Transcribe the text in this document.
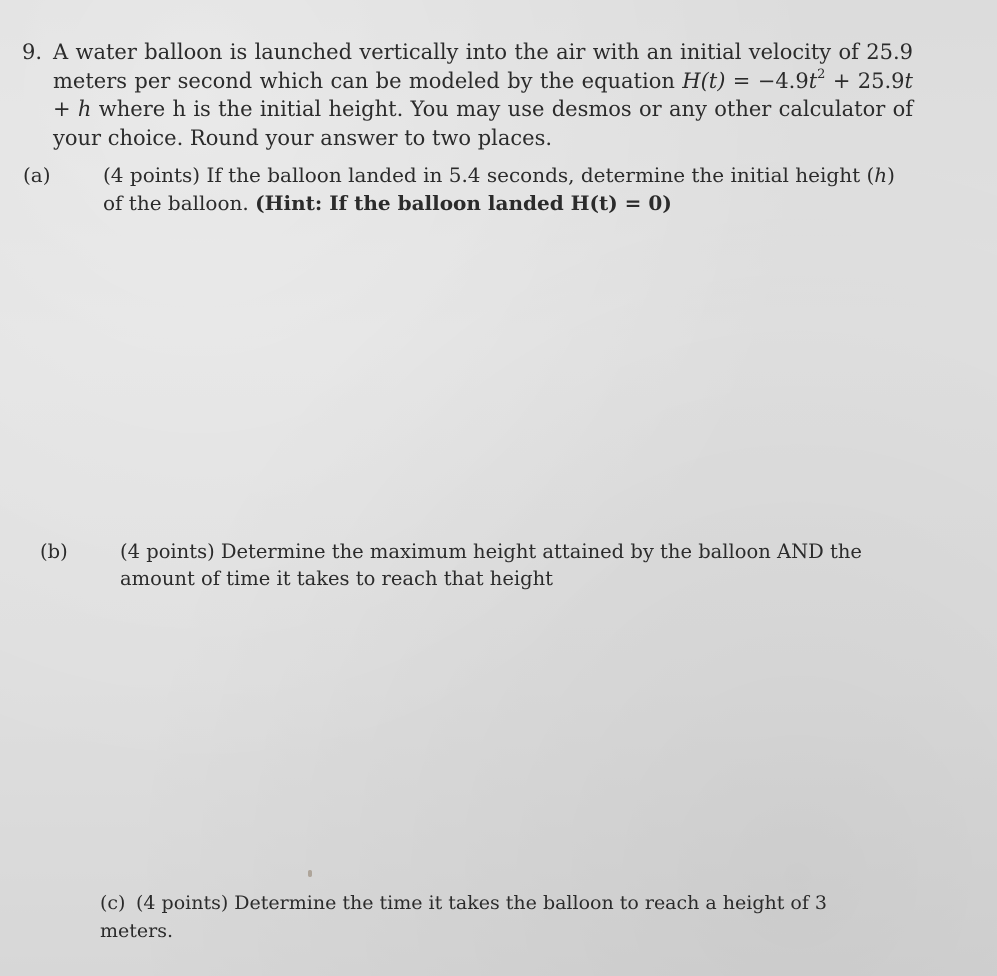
9. A water balloon is launched vertically into the air with an initial velocity of 25.9 meters per second which can be modeled by the equation $H(t) = -4.9t^2 + 25.9t + h$ where h is the initial height. You may use desmos or any other calculator of your choice. Round your answer to two places.
(a)	(4 points) If the balloon landed in 5.4 seconds, determine the initial height (h) of the balloon. (Hint: If the balloon landed H(t) = 0)
(b)	(4 points) Determine the maximum height attained by the balloon AND the amount of time it takes to reach that height
(c) (4 points) Determine the time it takes the balloon to reach a height of 3 meters.
